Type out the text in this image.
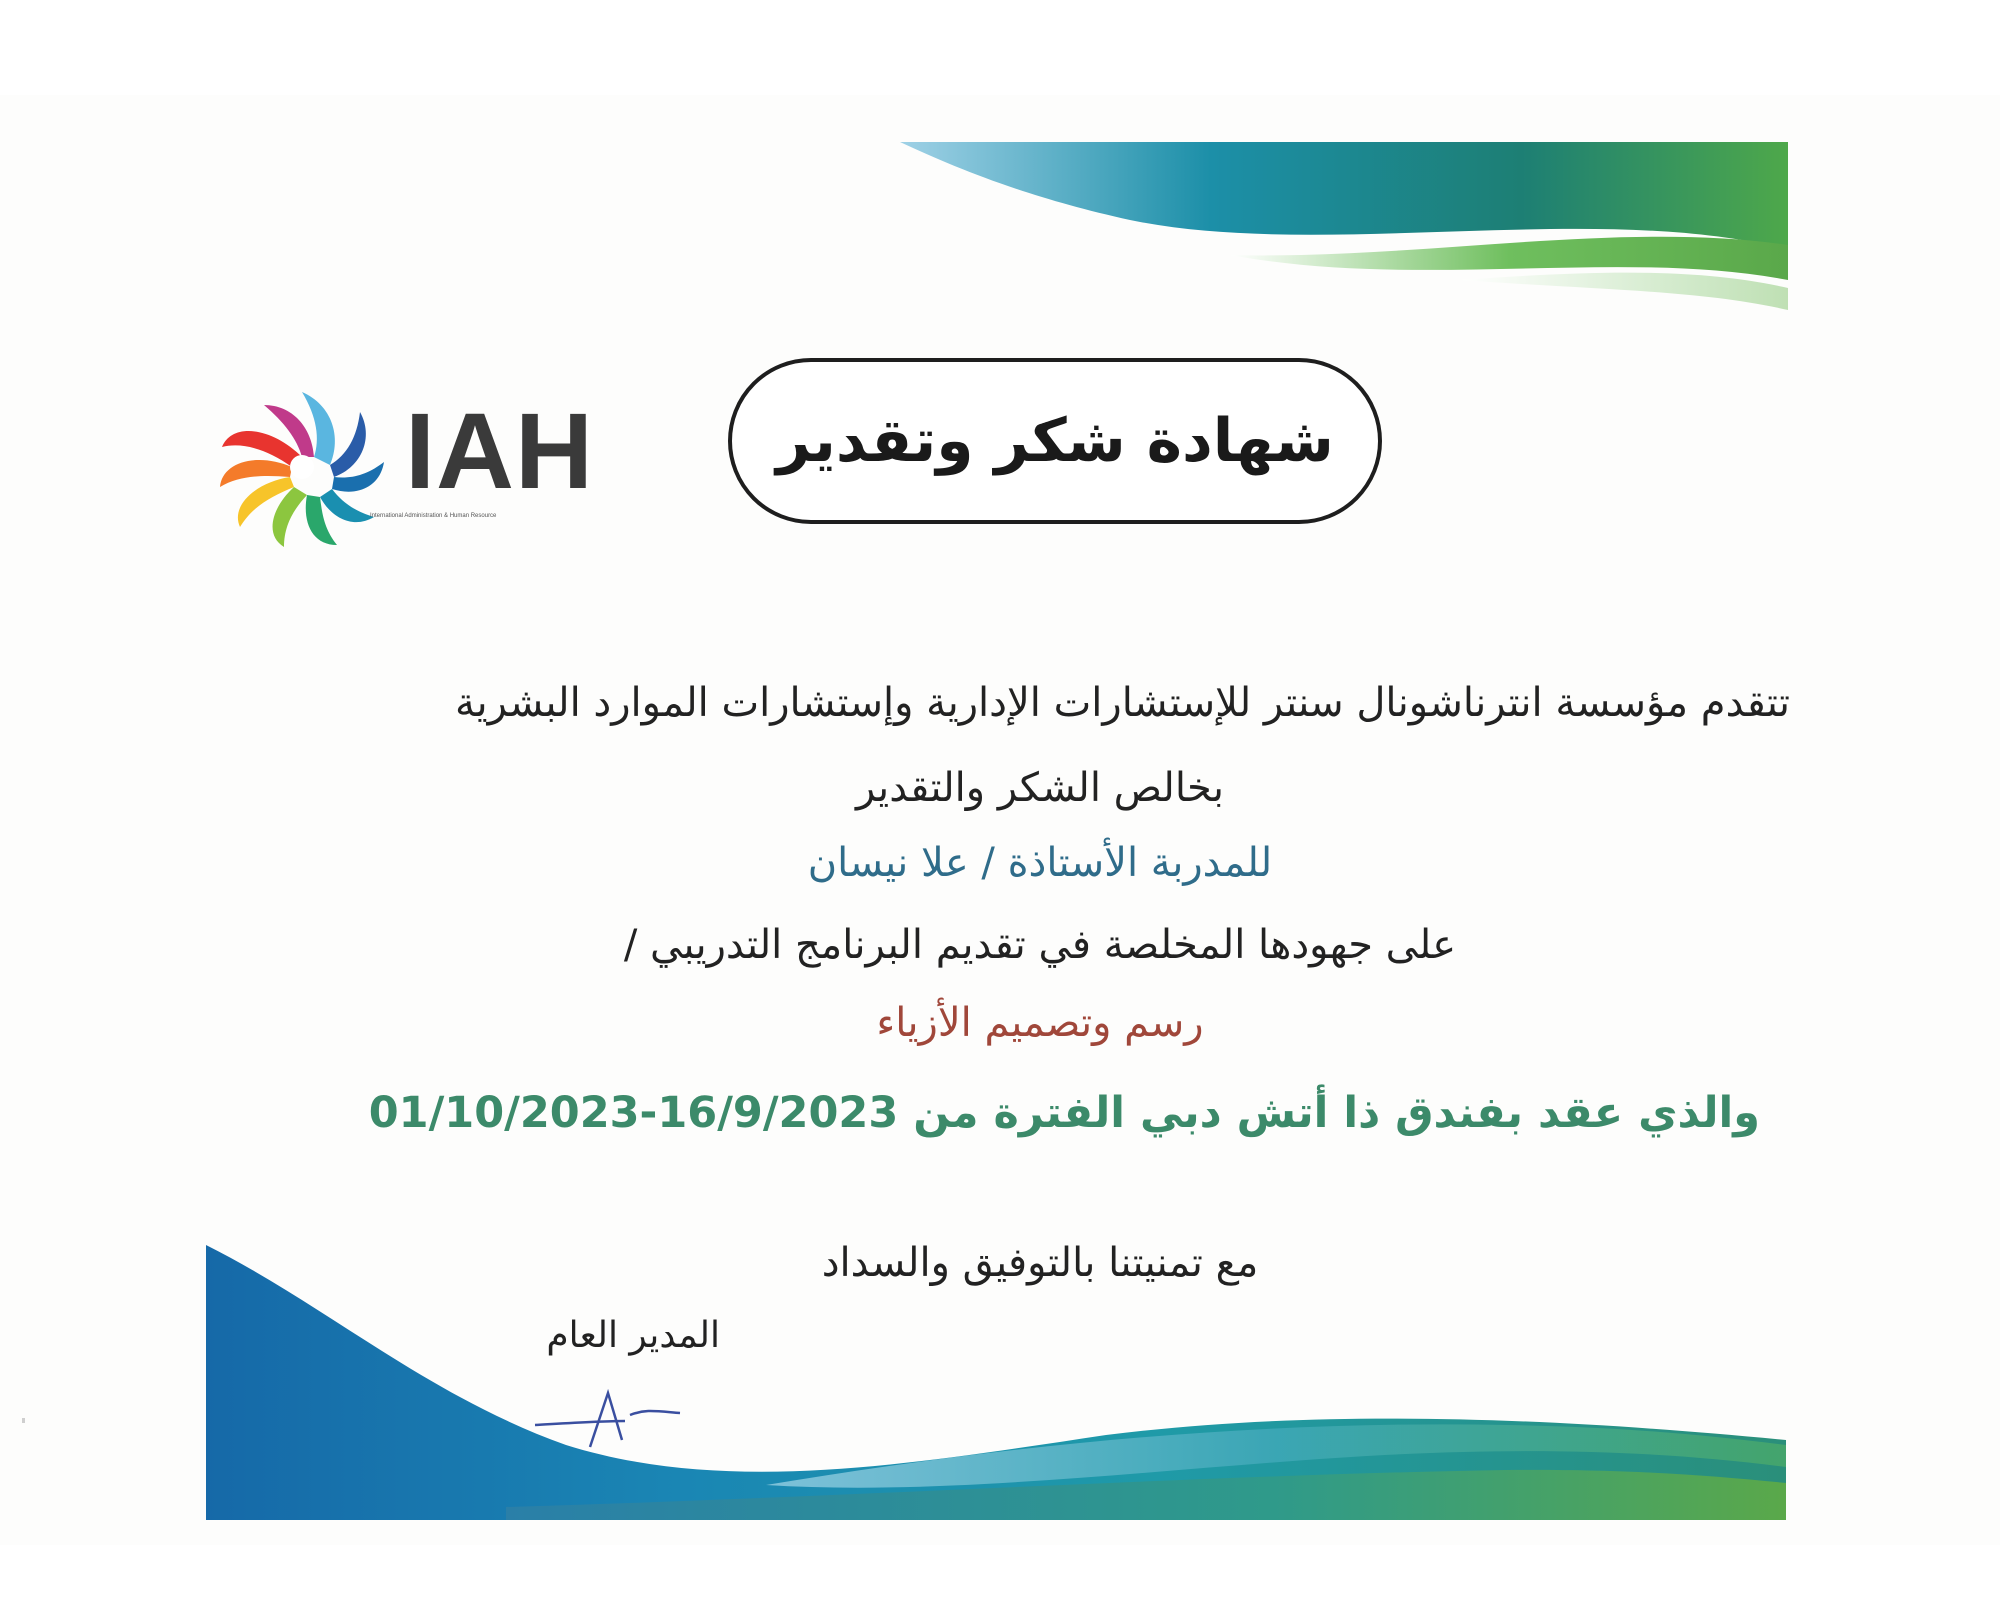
IAH
International Administration & Human Resource
شهادة شكر وتقدير
تتقدم مؤسسة انترناشونال سنتر للإستشارات الإدارية وإستشارات الموارد البشرية
بخالص الشكر والتقدير
للمدربة الأستاذة / علا نيسان
على جهودها المخلصة في تقديم البرنامج التدريبي /
رسم وتصميم الأزياء
والذي عقد بفندق ذا أتش دبي الفترة من 16/9/2023-01/10/2023
مع تمنيتنا بالتوفيق والسداد
المدير العام
